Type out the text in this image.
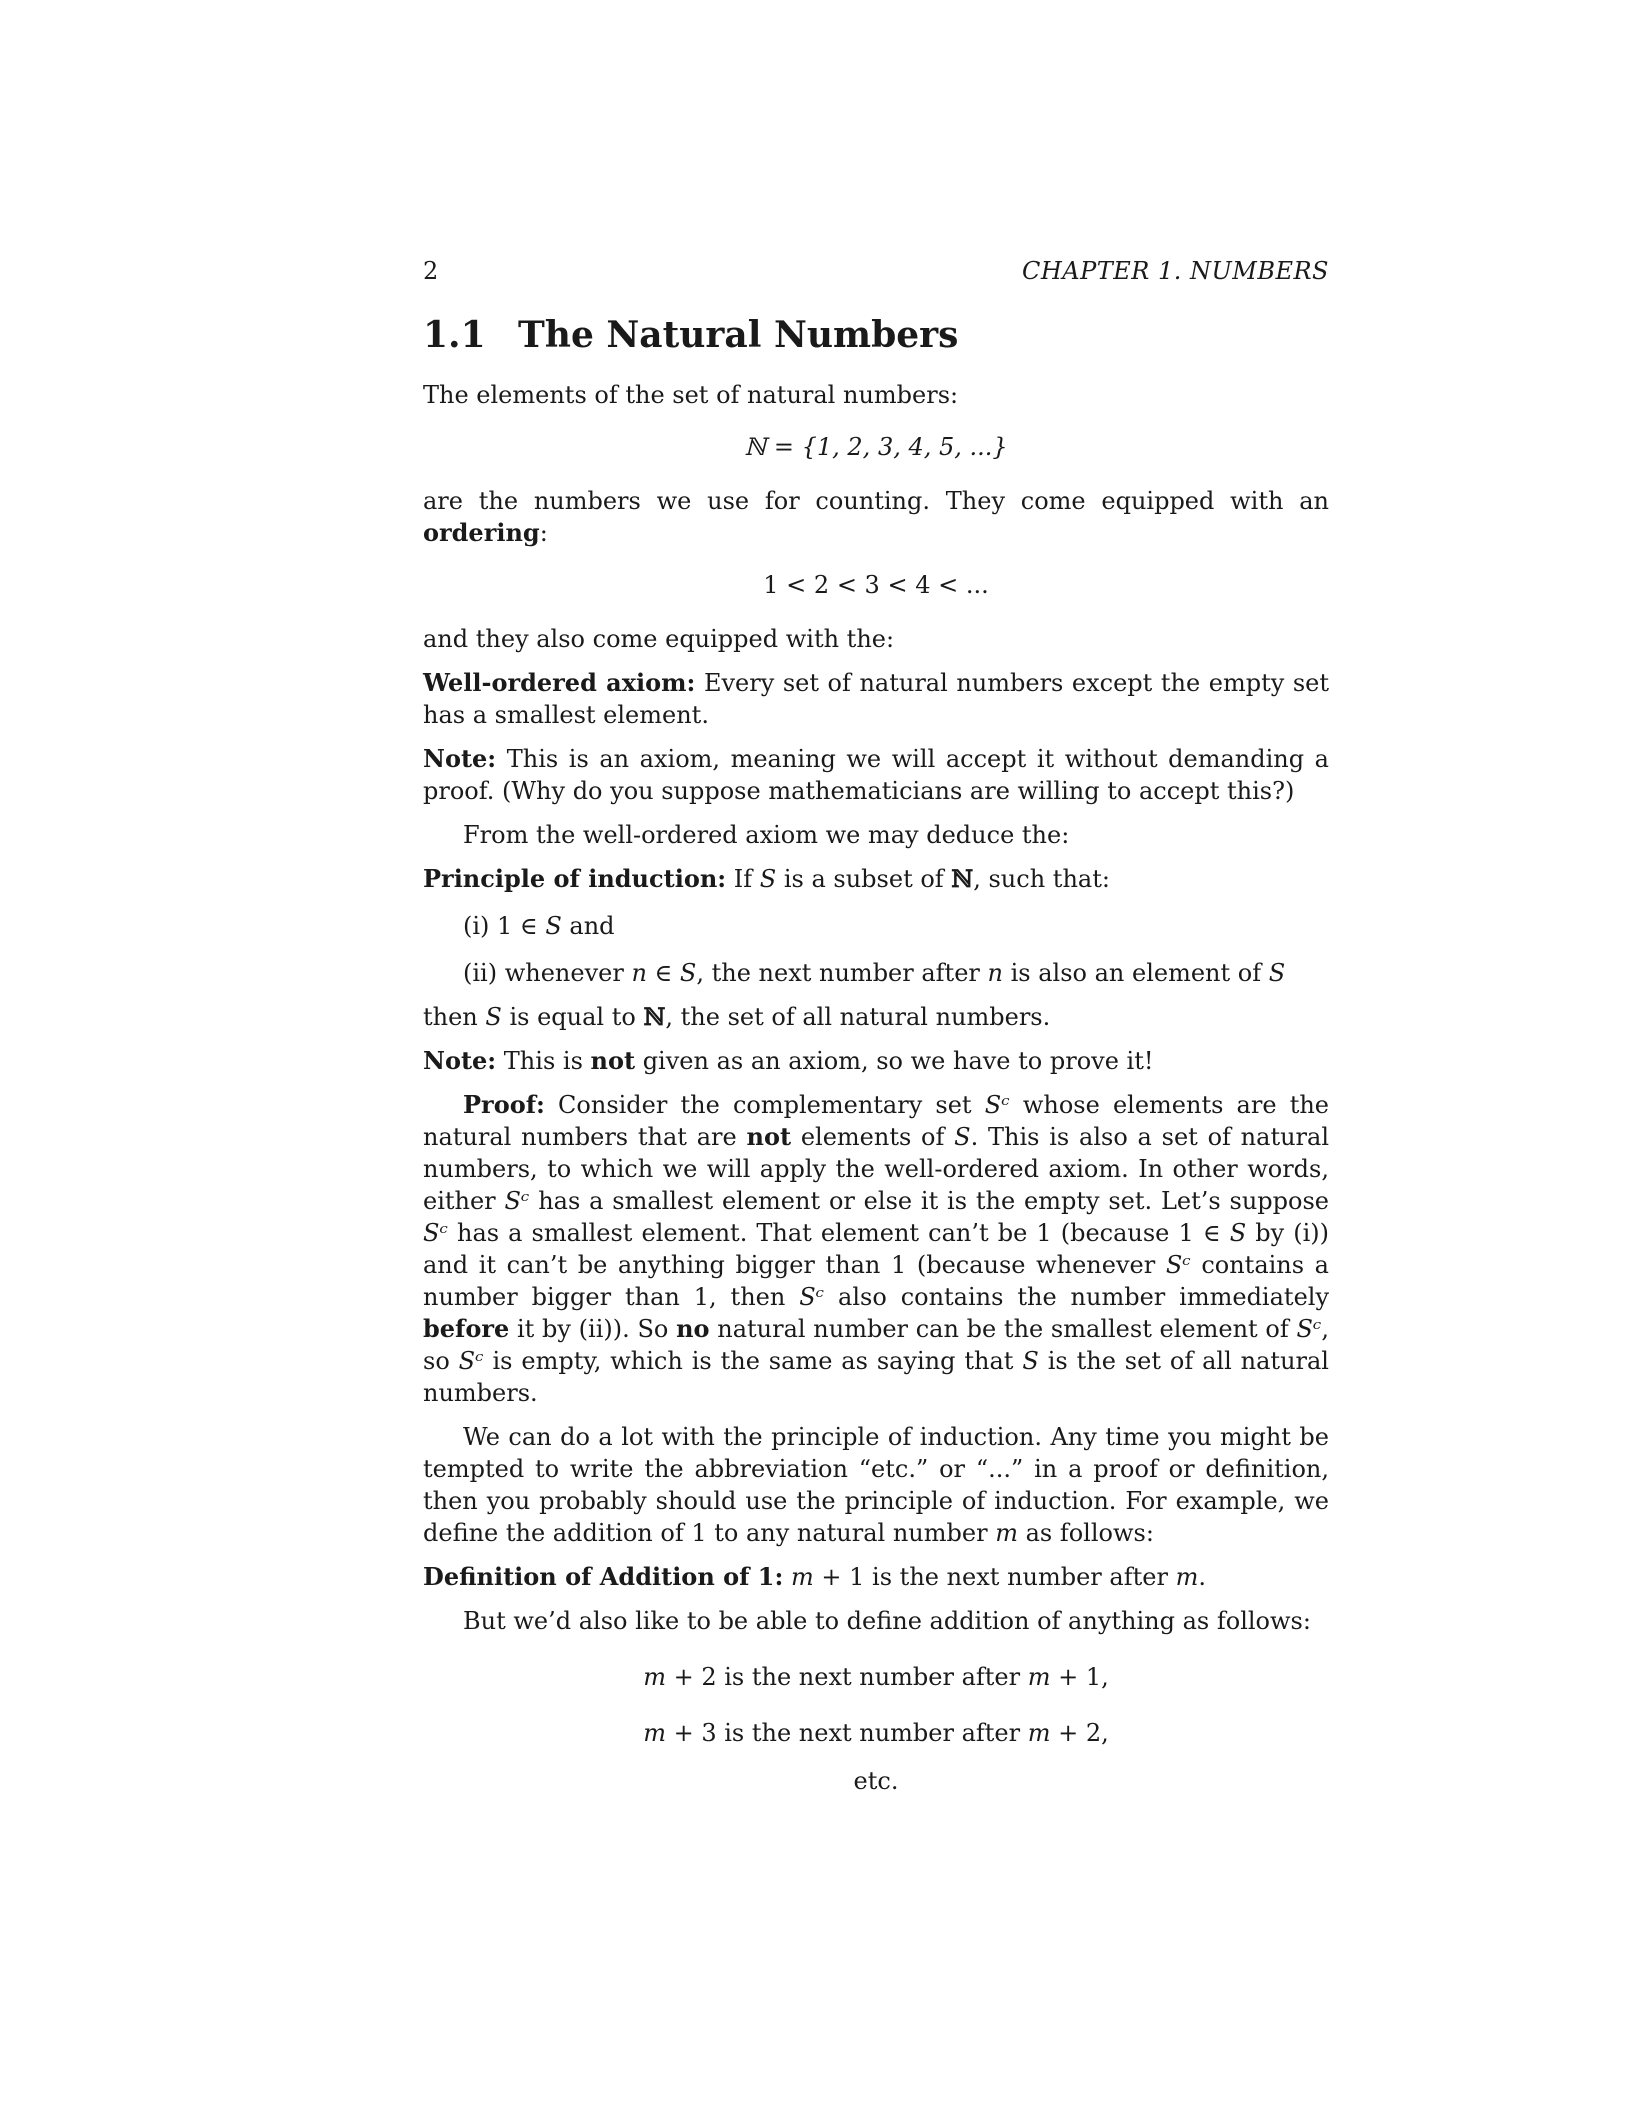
2	CHAPTER 1. NUMBERS
1.1 The Natural Numbers

The elements of the set of natural numbers:

ℕ = {1, 2, 3, 4, 5, ...}

are the numbers we use for counting. They come equipped with an ordering:

1 < 2 < 3 < 4 < ...

and they also come equipped with the:

Well-ordered axiom: Every set of natural numbers except the empty set has a smallest element.

Note: This is an axiom, meaning we will accept it without demanding a proof. (Why do you suppose mathematicians are willing to accept this?)

From the well-ordered axiom we may deduce the:

Principle of induction: If S is a subset of ℕ, such that:

(i) 1 ∈ S and

(ii) whenever n ∈ S, the next number after n is also an element of S

then S is equal to ℕ, the set of all natural numbers.

Note: This is not given as an axiom, so we have to prove it!

Proof: Consider the complementary set Sᶜ whose elements are the natural numbers that are not elements of S. This is also a set of natural numbers, to which we will apply the well-ordered axiom. In other words, either Sᶜ has a smallest element or else it is the empty set. Let’s suppose Sᶜ has a smallest element. That element can’t be 1 (because 1 ∈ S by (i)) and it can’t be anything bigger than 1 (because whenever Sᶜ contains a number bigger than 1, then Sᶜ also contains the number immediately before it by (ii)). So no natural number can be the smallest element of Sᶜ, so Sᶜ is empty, which is the same as saying that S is the set of all natural numbers.

We can do a lot with the principle of induction. Any time you might be tempted to write the abbreviation “etc.” or “...” in a proof or definition, then you probably should use the principle of induction. For example, we define the addition of 1 to any natural number m as follows:

Definition of Addition of 1: m + 1 is the next number after m.

But we’d also like to be able to define addition of anything as follows:

m + 2 is the next number after m + 1,
m + 3 is the next number after m + 2,
etc.
